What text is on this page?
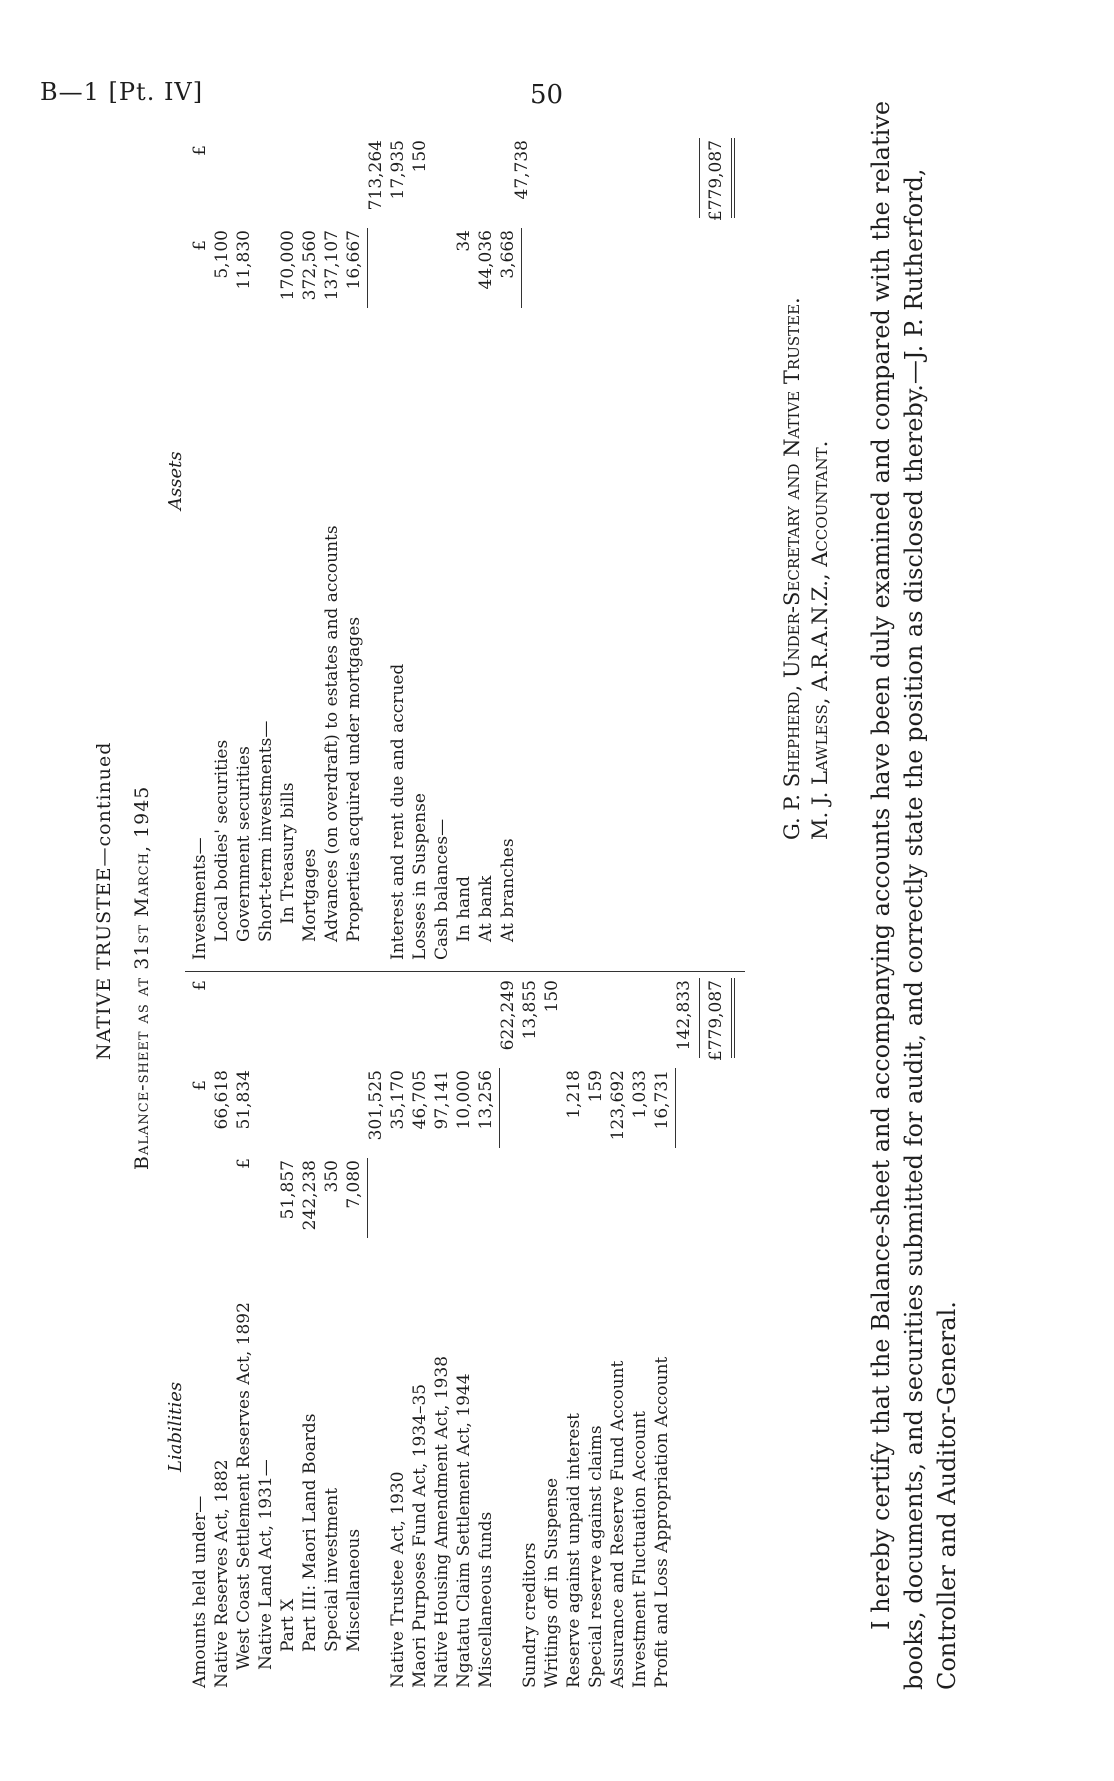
B—1 [Pt. IV]	50
NATIVE TRUSTEE—continued Balance-sheet as at 31st March, 1945
Liabilities
Assets
£
£
£
Amounts held under— Native Reserves Act, 1882
66,618
West Coast Settlement Reserves Act, 1892
51,834
Native Land Act, 1931— Part X
51,857
Part III: Maori Land Boards
242,238
Special investment
350
Miscellaneous
7,080
301,525
Native Trustee Act, 1930
35,170
Maori Purposes Fund Act, 1934–35
46,705
Native Housing Amendment Act, 1938
97,141
Ngatatu Claim Settlement Act, 1944
10,000
Miscellaneous funds
13,256
622,249
Sundry creditors
13,855
Writings off in Suspense
150
Reserve against unpaid interest
1,218
Special reserve against claims
159
Assurance and Reserve Fund Account
123,692
Investment Fluctuation Account
1,033
Profit and Loss Appropriation Account
16,731
142,833 £779,087
£
£
Investments— Local bodies' securities
5,100
Government securities
11,830
Short-term investments— In Treasury bills
170,000
Mortgages
372,560
Advances (on overdraft) to estates and accounts
137,107
Properties acquired under mortgages
16,667
713,264
Interest and rent due and accrued
17,935
Losses in Suspense
150
Cash balances— In hand
34
At bank
44,036
At branches
3,668
47,738	£779,087
G. P. Shepherd, Under-Secretary and Native Trustee. M. J. Lawless, A.R.A.N.Z., Accountant. I hereby certify that the Balance-sheet and accompanying accounts have been duly examined and compared with the relative books, documents, and securities submitted for audit, and correctly state the position as disclosed thereby.—J. P. Rutherford, Controller and Auditor-General.
